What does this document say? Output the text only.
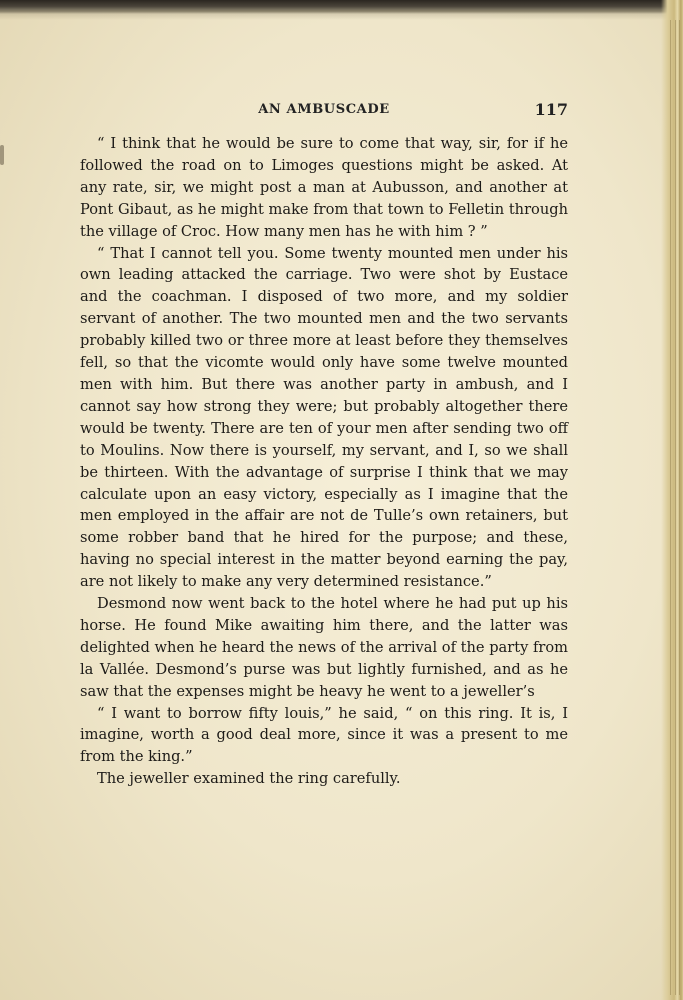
AN AMBUSCADE	117

“ I think that he would be sure to come that way, sir, for if he followed the road on to Limoges questions might be asked. At any rate, sir, we might post a man at Aubusson, and another at Pont Gibaut, as he might make from that town to Felletin through the village of Croc. How many men has he with him ? ”

“ That I cannot tell you. Some twenty mounted men under his own leading attacked the carriage. Two were shot by Eustace and the coachman. I disposed of two more, and my soldier servant of another. The two mounted men and the two servants probably killed two or three more at least before they themselves fell, so that the vicomte would only have some twelve mounted men with him. But there was another party in ambush, and I cannot say how strong they were; but probably altogether there would be twenty. There are ten of your men after sending two off to Moulins. Now there is yourself, my servant, and I, so we shall be thirteen. With the advantage of surprise I think that we may calculate upon an easy victory, especially as I imagine that the men employed in the affair are not de Tulle’s own retainers, but some robber band that he hired for the purpose; and these, having no special interest in the matter beyond earning the pay, are not likely to make any very determined resistance.”

Desmond now went back to the hotel where he had put up his horse. He found Mike awaiting him there, and the latter was delighted when he heard the news of the arrival of the party from la Vallée. Desmond’s purse was but lightly furnished, and as he saw that the expenses might be heavy he went to a jeweller’s

“ I want to borrow fifty louis,” he said, “ on this ring. It is, I imagine, worth a good deal more, since it was a present to me from the king.”

The jeweller examined the ring carefully.
